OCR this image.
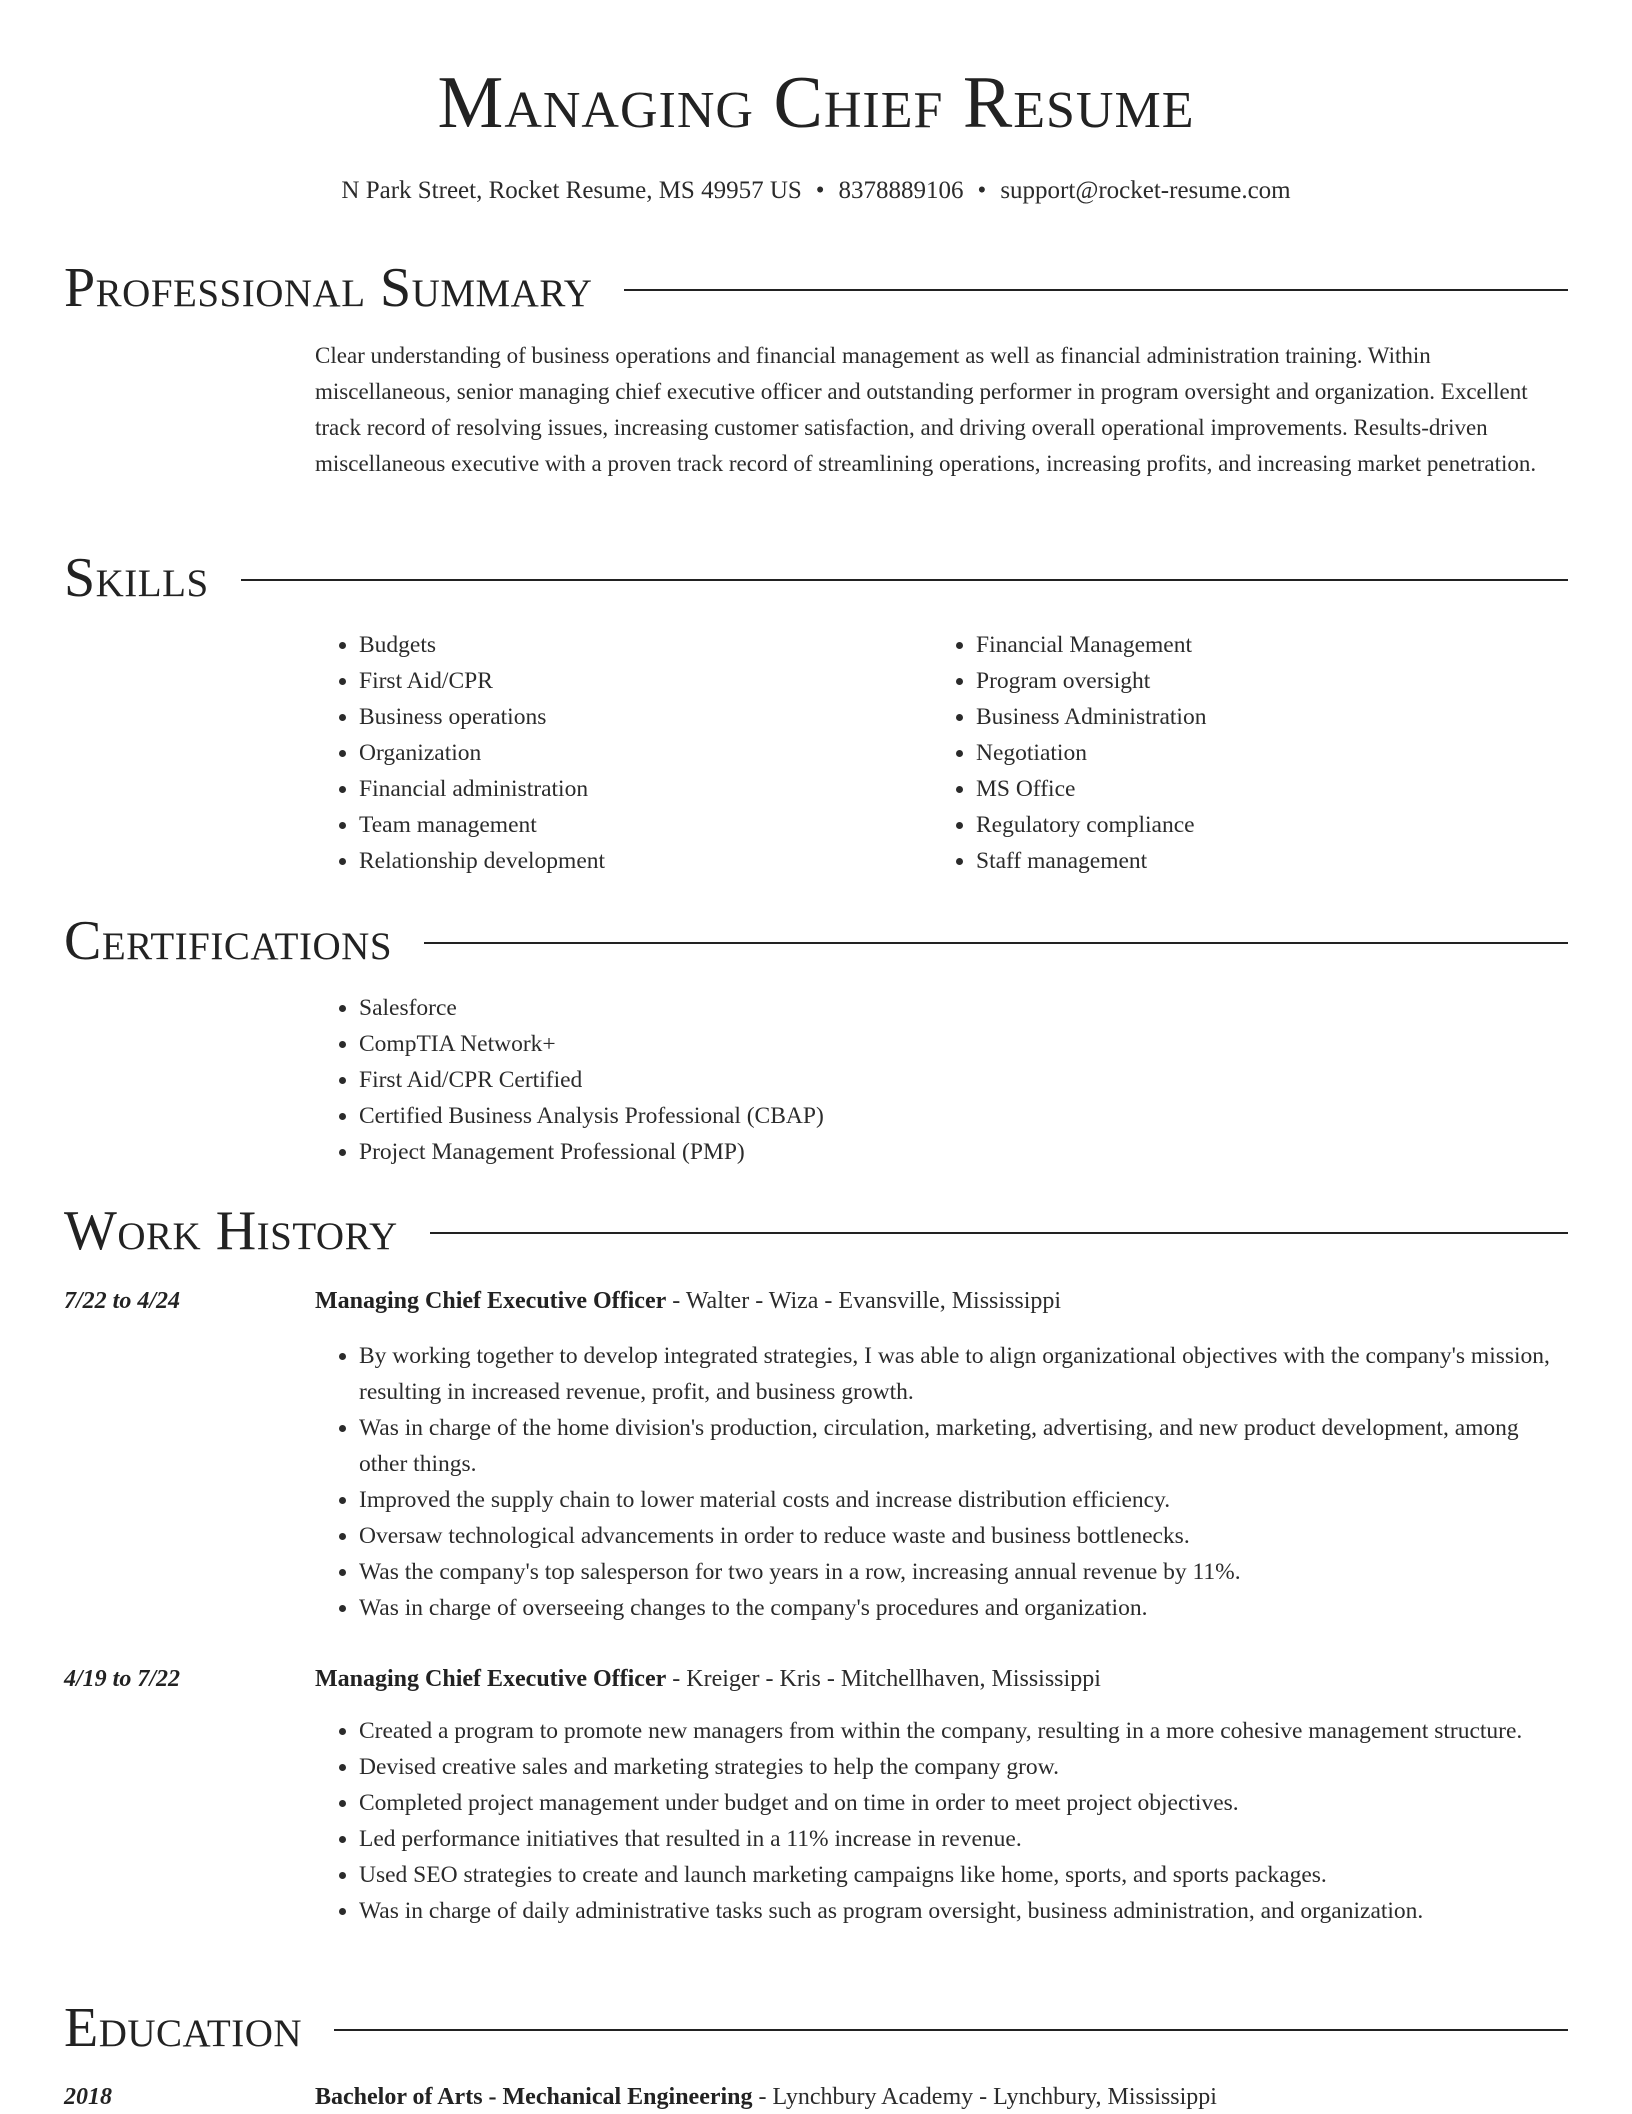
Managing Chief Resume
N Park Street, Rocket Resume, MS 49957 US • 8378889106 • support@rocket-resume.com
Professional Summary

Clear understanding of business operations and financial management as well as financial administration training. Within miscellaneous, senior managing chief executive officer and outstanding performer in program oversight and organization. Excellent track record of resolving issues, increasing customer satisfaction, and driving overall operational improvements. Results-driven miscellaneous executive with a proven track record of streamlining operations, increasing profits, and increasing market penetration.

Skills
• Budgets
• First Aid/CPR
• Business operations
• Organization
• Financial administration
• Team management
• Relationship development
• Financial Management
• Program oversight
• Business Administration
• Negotiation
• MS Office
• Regulatory compliance
• Staff management
Certifications
• Salesforce
• CompTIA Network+
• First Aid/CPR Certified
• Certified Business Analysis Professional (CBAP)
• Project Management Professional (PMP)
Work History
7/22 to 4/24	Managing Chief Executive Officer - Walter - Wiza - Evansville, Mississippi
• By working together to develop integrated strategies, I was able to align organizational objectives with the company's mission, resulting in increased revenue, profit, and business growth.
• Was in charge of the home division's production, circulation, marketing, advertising, and new product development, among other things.
• Improved the supply chain to lower material costs and increase distribution efficiency.
• Oversaw technological advancements in order to reduce waste and business bottlenecks.
• Was the company's top salesperson for two years in a row, increasing annual revenue by 11%.
• Was in charge of overseeing changes to the company's procedures and organization.
4/19 to 7/22	Managing Chief Executive Officer - Kreiger - Kris - Mitchellhaven, Mississippi
• Created a program to promote new managers from within the company, resulting in a more cohesive management structure.
• Devised creative sales and marketing strategies to help the company grow.
• Completed project management under budget and on time in order to meet project objectives.
• Led performance initiatives that resulted in a 11% increase in revenue.
• Used SEO strategies to create and launch marketing campaigns like home, sports, and sports packages.
• Was in charge of daily administrative tasks such as program oversight, business administration, and organization.
Education
2018	Bachelor of Arts - Mechanical Engineering - Lynchbury Academy - Lynchbury, Mississippi
